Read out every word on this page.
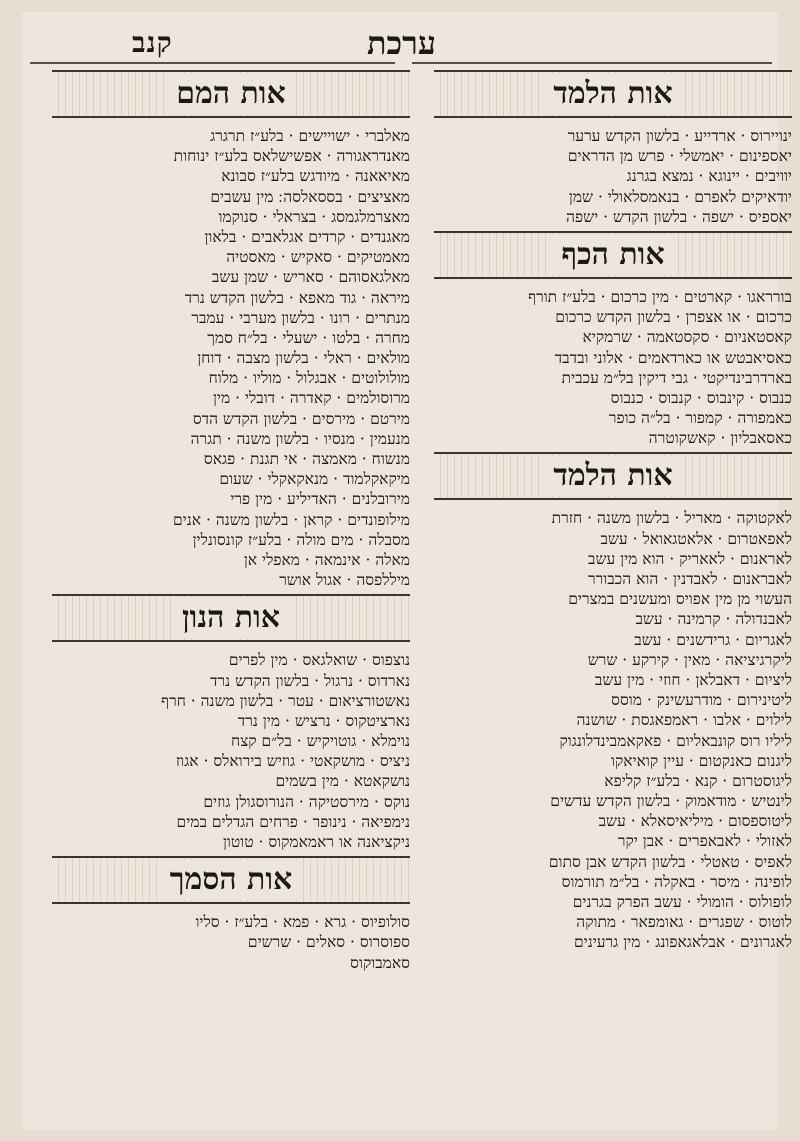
קנב	ערכת
אות הלמד
ינויירוס · ארדייע · בלשון הקדש ערער
יאספינום · יאמשלי · פרש מן הדראים
יוויבים · יינוגא · נמצא בגרנג
יודאיקים לאפרם · בנאמסלאולי · שמן
יאספיס · ישפה · בלשון הקדש · ישפה
אות הכף
בורראגו · קארטים · מין כרכום · בלע״ז תורף
כרכום · או אצפרן · בלשון הקדש כרכום
קאסטאניום · סקסטאמה · שרמקיא
כאסיאבטש או כארדאמים · אלוני ובדבד
בארדרבינדיקטי · גבי דיקין בל״מ עכבית
כנבוס · קינבוס · קנבוס · כנבוס
כאמפורה · קמפור · בל״ה כופר
כאסאבליון · קאשקוטרה
אות הלמד
לאקטוקה · מאריל · בלשון משנה · חזרת
לאפאטרום · אלאטגאואל · עשב
לאראנום · לאאריק · הוא מין עשב
לאבראנום · לאבדנין · הוא הכבורר
העשוי מן מין אפויס ומעשנים במצרים
לאבנדולה · קרמינה · עשב
לאגריום · גרידשנים · עשב
ליקרגיציאה · מאין · קירקע · שרש
ליציום · דאבלאן · חוזי · מין עשב
ליטינירום · מודרעשינק · מוסס
לילוים · אלבו · ראמפאגסת · שושנה
ליליו רוס קונבאליום · פאקאמבינדלונגוק
ליגנום כאנקטום · עיין קואיאקו
ליגוסטרום · קנא · בלע״ז קליפא
לינטיש · מודאמוק · בלשון הקדש עדשים
ליטוספסום · מיליאיסאלא · עשב
לאזולי · לאבאפרים · אבן יקר
לאפיס · טאטלי · בלשון הקדש אבן סתום
לופינה · מיסר · באקלה · בל״מ תורמוס
לופולוס · הומולי · עשב הפרק בגרנים
לוטוס · שפגרים · גאומפאר · מתוקה
לאגרונים · אבלאגאפונג · מין גרעינים
אות המם
מאלברי · ישויישים · בלע״ז תרגרג
מאנדראגורה · אפשישלאס בלע״ז ינוחות
מאיאאנה · מיודגש בלע״ז סבונא
מאציצים · בססאלסה ׃ מין עשבים
מאצרמלגמסג · בצראלי · סנוקמו
מאגנדים · קרדים אגלאבים · בלאון
מאמטיקים · סאקיש · מאסטיה
מאלגאסוהם · סאריש · שמן עשב
מיראה · גוד מאפא · בלשון הקדש נרד
מנתרים · רונו · בלשון מערבי · עמבר
מחרה · בלטו · ישעלי · בל״ח סמך
מולאים · ראלי · בלשון מצבה · דוחן
מולולוטים · אבגלול · מוליו · מלוח
מרוסולמים · קאדרה · דובלי · מין
מירטם · מירסים · בלשון הקדש הדס
מנעמין · מנסיו · בלשון משנה · תגרה
מנשוח · מאמצה · אי תגנת · פגאס
מיקאקלמוד · מנאקאקלי · שעום
מירובלנים · האדיליע · מין פרי
מילופונדים · קראן · בלשון משנה · אנים
מסבלה · מים מולה · בלע״ז קונסונלין
מאלה · אינמאה · מאפלי אן
מיללפסה · אגול אושר
אות הנון
נוצפוס · שואלגאס · מין לפרים
נארדוס · נרגול · בלשון הקדש נרד
נאשטורציאום · עטר · בלשון משנה · חרף
נארציטקוס · נרציש · מין נרד
נוימלא · גוטויקיש · בל״ם קצח
ניציס · מושקאטי · גוזיש בירואלס · אגוז
נושקאטא · מין בשמים
נוקס · מירסטיקה · הנורוסגולן גוזים
נימפיאה · נינופר · פרחים הגדלים במים
ניקציאנה או ראמאמקוס · טוטון
אות הסמך
סולופיוס · גרא · פמא · בלע״ז · סליו
ספוסרוס · סאלים · שרשים
סאמבוקוס
